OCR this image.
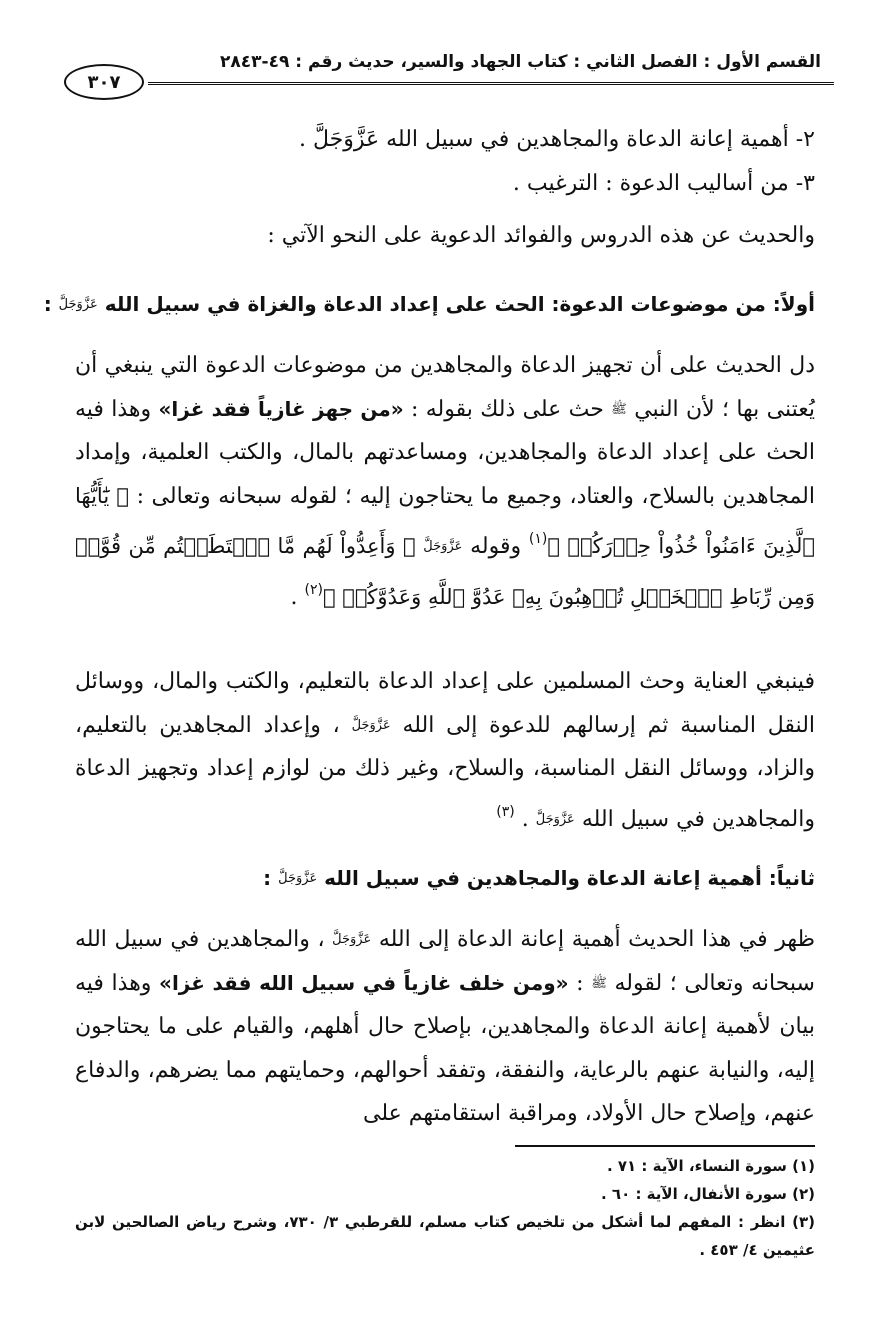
القسم الأول : الفصل الثاني : كتاب الجهاد والسير، حديث رقم : ٤٩-٢٨٤٣
٣٠٧
٢- أهمية إعانة الدعاة والمجاهدين في سبيل الله عَزَّوَجَلَّ .
٣- من أساليب الدعوة : الترغيب .
والحديث عن هذه الدروس والفوائد الدعوية على النحو الآتي :
أولاً: من موضوعات الدعوة: الحث على إعداد الدعاة والغزاة في سبيل الله عَزَّوَجَلَّ :

دل الحديث على أن تجهيز الدعاة والمجاهدين من موضوعات الدعوة التي ينبغي أن يُعتنى بها ؛ لأن النبي ﷺ حث على ذلك بقوله : «من جهز غازياً فقد غزا» وهذا فيه الحث على إعداد الدعاة والمجاهدين، ومساعدتهم بالمال، والكتب العلمية، وإمداد المجاهدين بالسلاح، والعتاد، وجميع ما يحتاجون إليه ؛ لقوله سبحانه وتعالى : ﴿ يَٰٓأَيُّهَا ٱلَّذِينَ ءَامَنُواْ خُذُواْ حِذۡرَكُمۡ ﴾$^{(١)}$ وقوله عَزَّوَجَلَّ ﴿ وَأَعِدُّواْ لَهُم مَّا ٱسۡتَطَعۡتُم مِّن قُوَّةٖ وَمِن رِّبَاطِ ٱلۡخَيۡلِ تُرۡهِبُونَ بِهِۦ عَدُوَّ ٱللَّهِ وَعَدُوَّكُمۡ ﴾$^{(٢)}$ .

فينبغي العناية وحث المسلمين على إعداد الدعاة بالتعليم، والكتب والمال، ووسائل النقل المناسبة ثم إرسالهم للدعوة إلى الله عَزَّوَجَلَّ ، وإعداد المجاهدين بالتعليم، والزاد، ووسائل النقل المناسبة، والسلاح، وغير ذلك من لوازم إعداد وتجهيز الدعاة والمجاهدين في سبيل الله عَزَّوَجَلَّ . $^{(٣)}$

ثانياً: أهمية إعانة الدعاة والمجاهدين في سبيل الله عَزَّوَجَلَّ :

ظهر في هذا الحديث أهمية إعانة الدعاة إلى الله عَزَّوَجَلَّ ، والمجاهدين في سبيل الله سبحانه وتعالى ؛ لقوله ﷺ : «ومن خلف غازياً في سبيل الله فقد غزا» وهذا فيه بيان لأهمية إعانة الدعاة والمجاهدين، بإصلاح حال أهلهم، والقيام على ما يحتاجون إليه، والنيابة عنهم بالرعاية، والنفقة، وتفقد أحوالهم، وحمايتهم مما يضرهم، والدفاع عنهم، وإصلاح حال الأولاد، ومراقبة استقامتهم على

(١) سورة النساء، الآية : ٧١ .

(٢) سورة الأنفال، الآية : ٦٠ .

(٣) انظر : المفهم لما أشكل من تلخيص كتاب مسلم، للقرطبي ٣/ ٧٣٠، وشرح رياض الصالحين لابن عثيمين ٤/ ٤٥٣ .
